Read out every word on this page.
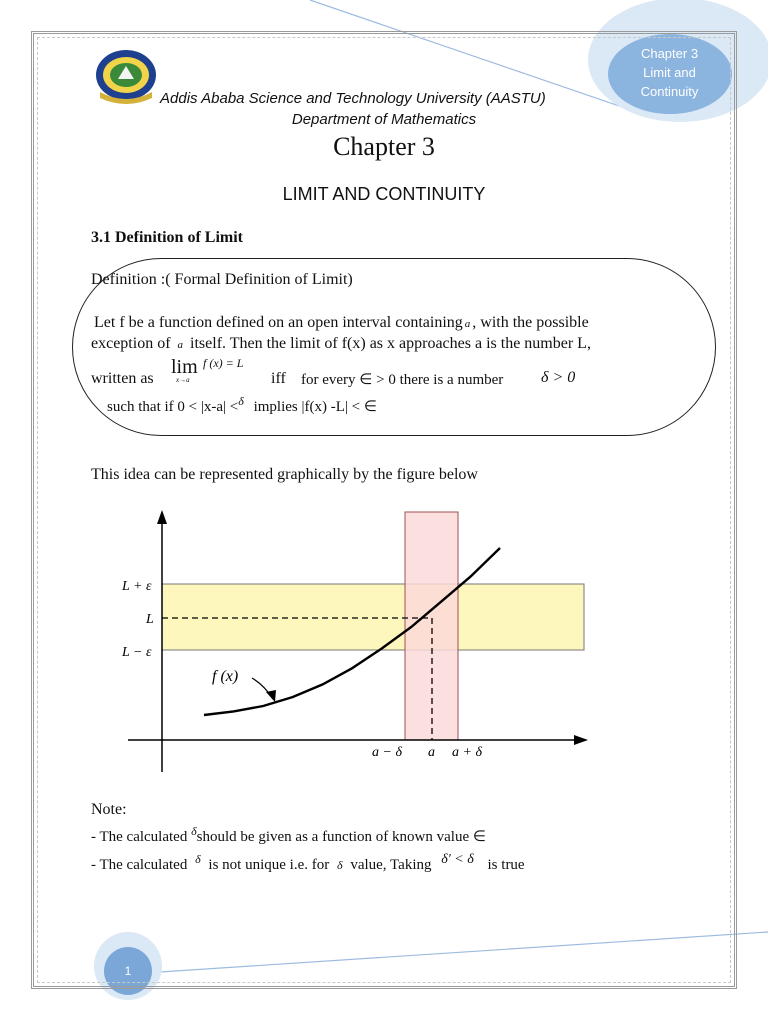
Chapter 3
Limit and
Continuity
Addis Ababa Science and Technology University (AASTU)
Department of Mathematics
Chapter 3
LIMIT AND CONTINUITY
3.1 Definition of Limit
Definition :( Formal Definition of Limit)
Let f be a function defined on an open interval containing a , with the possible
exception of a itself. Then the limit of f(x) as x approaches a is the number L,
written as
lim f (x) = L
x→a	iff for every ∈ > 0 there is a number δ > 0
such that if 0 < |x-a| <$^\delta$ implies |f(x) -L| < ∈
This idea can be represented graphically by the figure below
L + ε
L
L − ε
f (x)
a − δ a a + δ
Note:
- The calculated $^\delta$should be given as a function of known value ∈
- The calculated $^\delta$ is not unique i.e. for δ value, Taking $^{\delta' < \delta}$ is true
1
